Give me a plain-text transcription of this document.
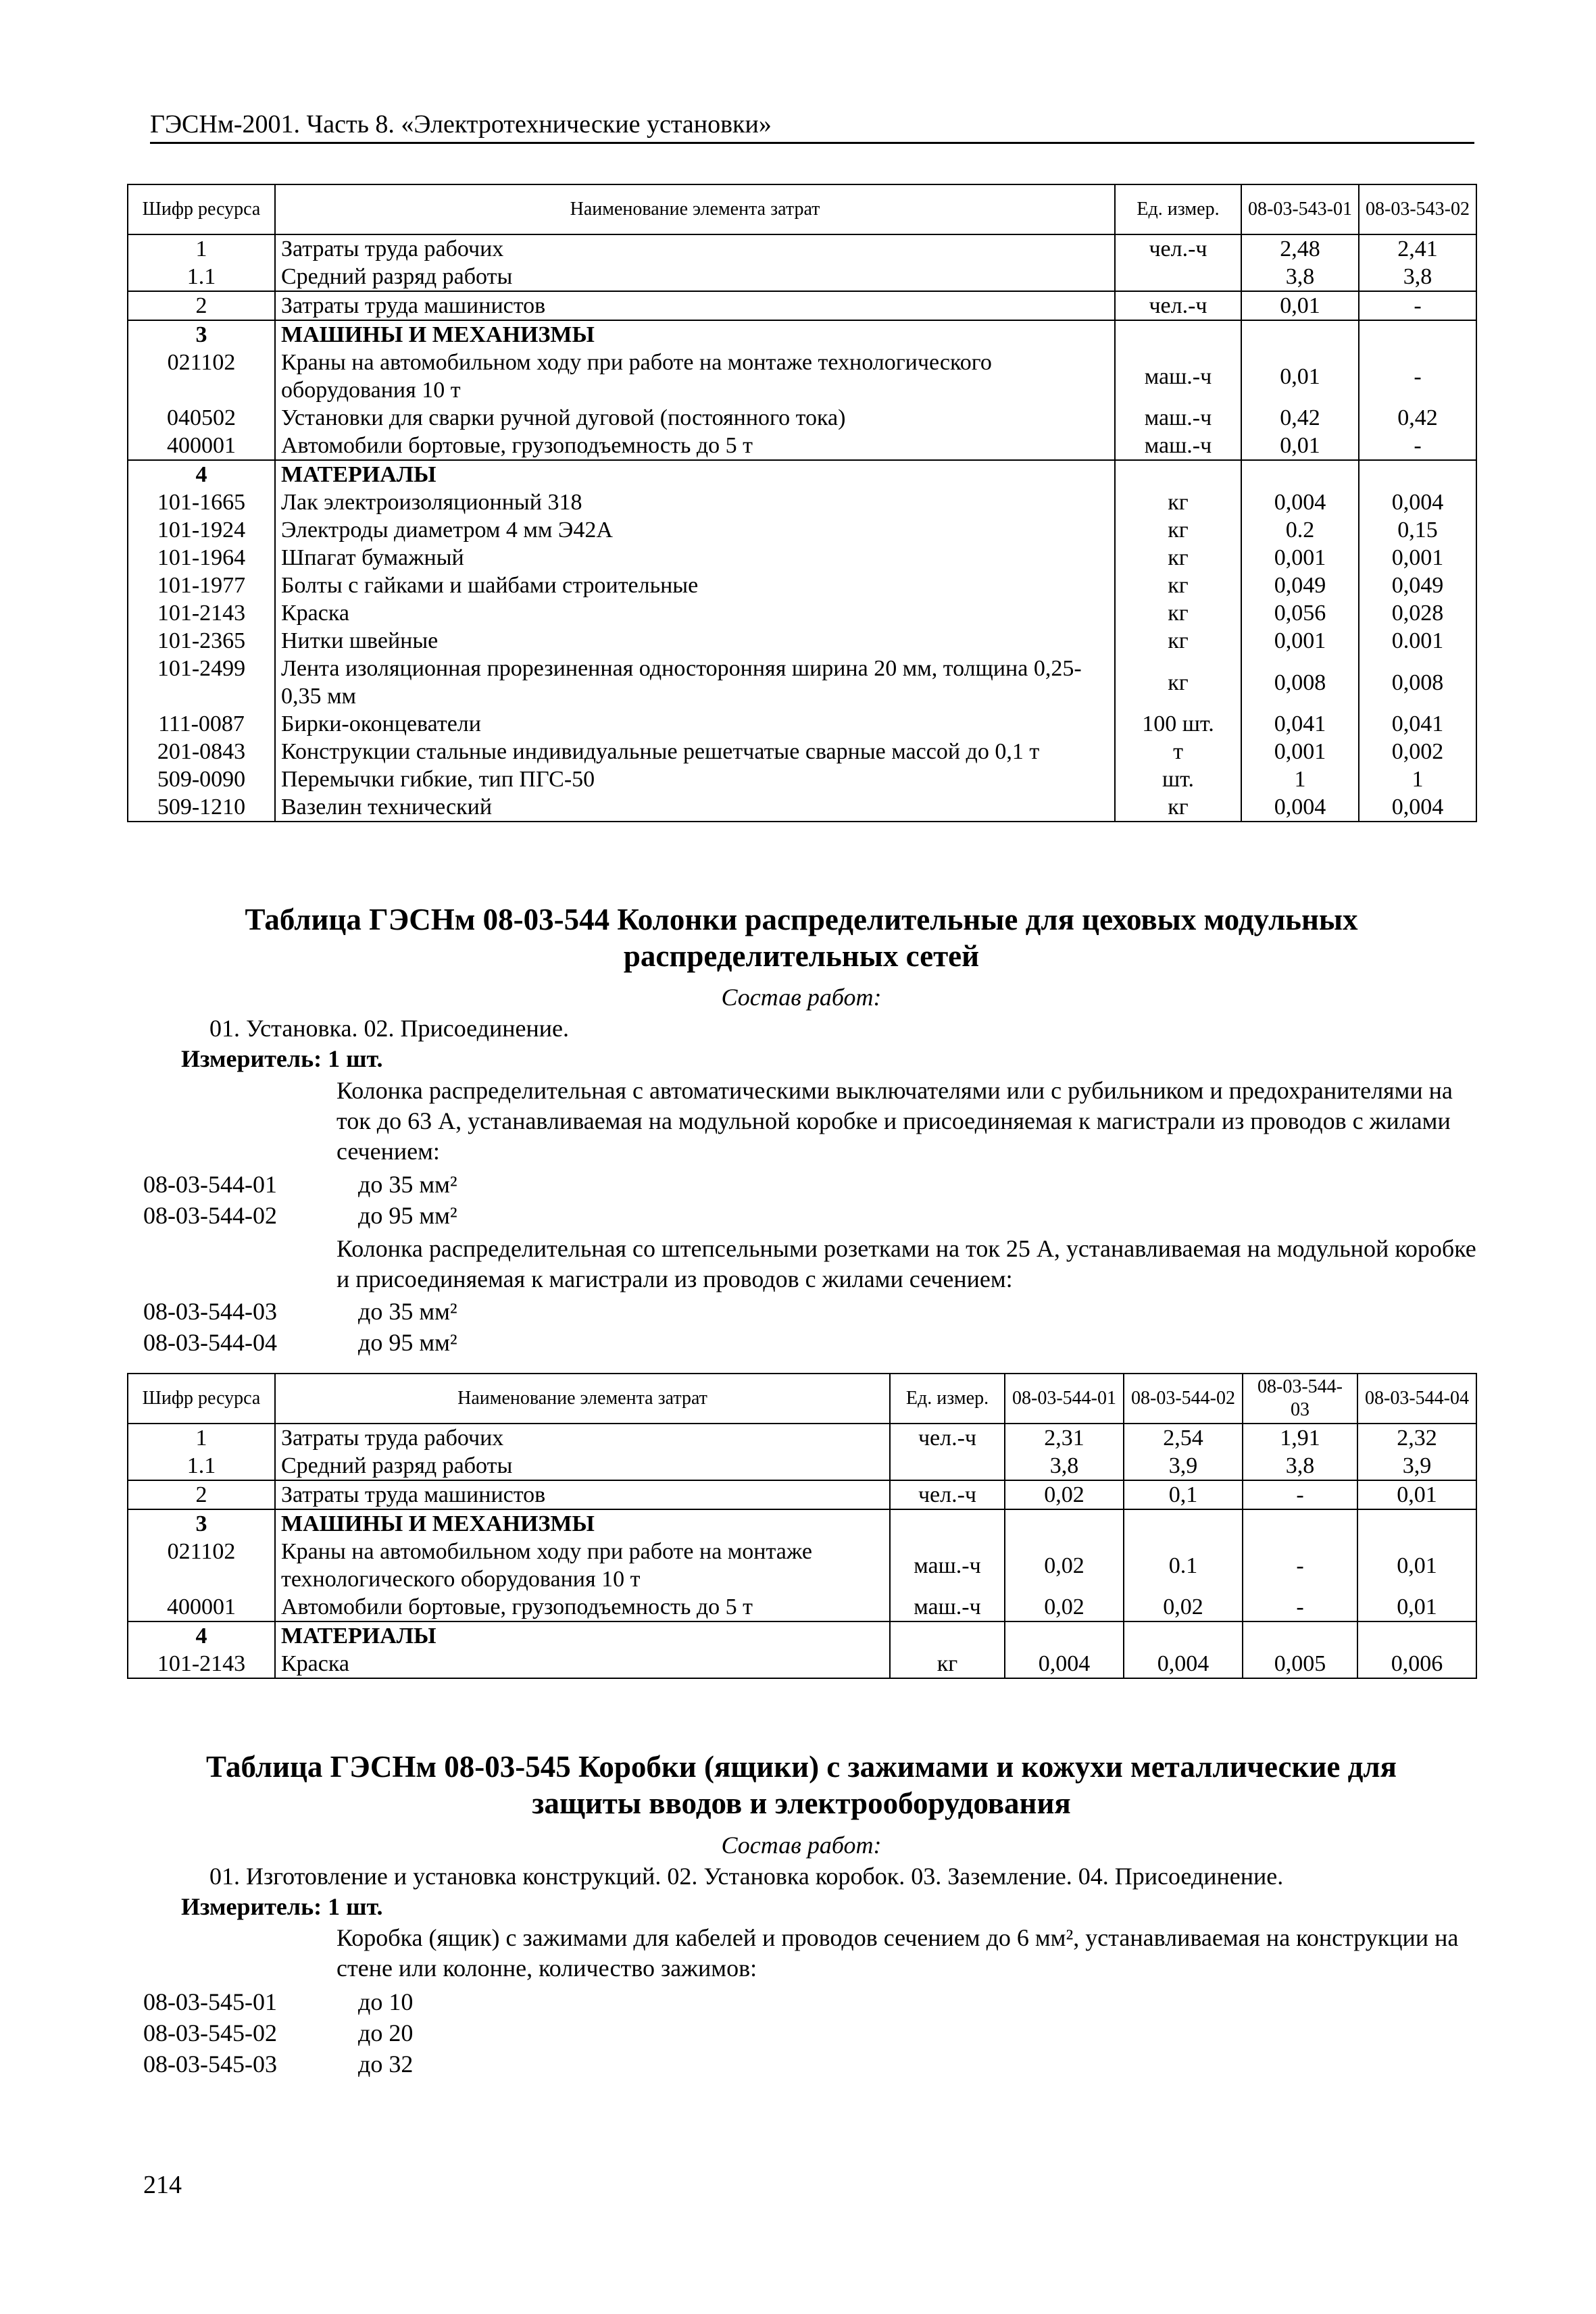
ГЭСНм-2001. Часть 8. «Электротехнические установки»
Шифр ресурса	Наименование элемента затрат	Ед. измер.	08-03-543-01	08-03-543-02
1	Затраты труда рабочих	чел.-ч	2,48	2,41
1.1	Средний разряд работы		3,8	3,8
2	Затраты труда машинистов	чел.-ч	0,01	-
3	МАШИНЫ И МЕХАНИЗМЫ			
021102	Краны на автомобильном ходу при работе на монтаже технологического оборудования 10 т	маш.-ч	0,01	-
040502	Установки для сварки ручной дуговой (постоянного тока)	маш.-ч	0,42	0,42
400001	Автомобили бортовые, грузоподъемность до 5 т	маш.-ч	0,01	-
4	МАТЕРИАЛЫ			
101-1665	Лак электроизоляционный 318	кг	0,004	0,004
101-1924	Электроды диаметром 4 мм Э42А	кг	0.2	0,15
101-1964	Шпагат бумажный	кг	0,001	0,001
101-1977	Болты с гайками и шайбами строительные	кг	0,049	0,049
101-2143	Краска	кг	0,056	0,028
101-2365	Нитки швейные	кг	0,001	0.001
101-2499	Лента изоляционная прорезиненная односторонняя ширина 20 мм, толщина 0,25-0,35 мм	кг	0,008	0,008
111-0087	Бирки-оконцеватели	100 шт.	0,041	0,041
201-0843	Конструкции стальные индивидуальные решетчатые сварные массой до 0,1 т	т	0,001	0,002
509-0090	Перемычки гибкие, тип ПГС-50	шт.	1	1
509-1210	Вазелин технический	кг	0,004	0,004
Таблица ГЭСНм 08-03-544 Колонки распределительные для цеховых модульных
распределительных сетей
Состав работ:
01. Установка. 02. Присоединение.
Измеритель: 1 шт.
Колонка распределительная с автоматическими выключателями или с рубильником и предохранителями на ток до 63 А, устанавливаемая на модульной коробке и присоединяемая к магистрали из проводов с жилами сечением:
08-03-544-01	до 35 мм²
08-03-544-02	до 95 мм²
Колонка распределительная со штепсельными розетками на ток 25 А, устанавливаемая на модульной коробке и присоединяемая к магистрали из проводов с жилами сечением:
08-03-544-03	до 35 мм²
08-03-544-04	до 95 мм²
Шифр ресурса	Наименование элемента затрат	Ед. измер.	08-03-544-01	08-03-544-02	08-03-544-03	08-03-544-04
1	Затраты труда рабочих	чел.-ч	2,31	2,54	1,91	2,32
1.1	Средний разряд работы		3,8	3,9	3,8	3,9
2	Затраты труда машинистов	чел.-ч	0,02	0,1	-	0,01
3	МАШИНЫ И МЕХАНИЗМЫ					
021102	Краны на автомобильном ходу при работе на монтаже технологического оборудования 10 т	маш.-ч	0,02	0.1	-	0,01
400001	Автомобили бортовые, грузоподъемность до 5 т	маш.-ч	0,02	0,02	-	0,01
4	МАТЕРИАЛЫ					
101-2143	Краска	кг	0,004	0,004	0,005	0,006
Таблица ГЭСНм 08-03-545 Коробки (ящики) с зажимами и кожухи металлические для
защиты вводов и электрооборудования
Состав работ:
01. Изготовление и установка конструкций. 02. Установка коробок. 03. Заземление. 04. Присоединение.
Измеритель: 1 шт.
Коробка (ящик) с зажимами для кабелей и проводов сечением до 6 мм², устанавливаемая на конструкции на стене или колонне, количество зажимов:
08-03-545-01	до 10
08-03-545-02	до 20
08-03-545-03	до 32
214
